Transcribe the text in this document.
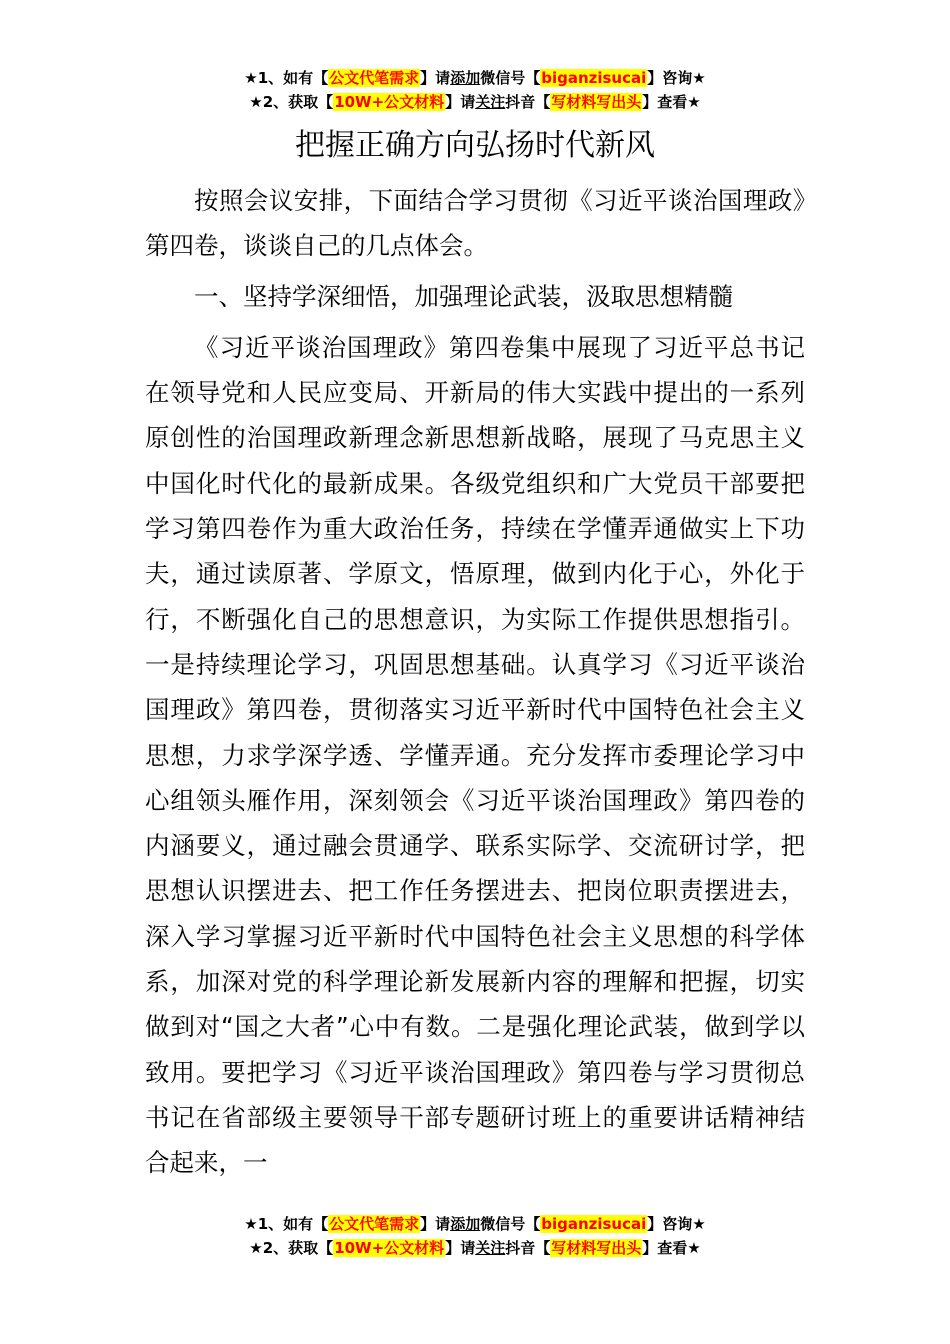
★1、如有【公文代笔需求】请添加微信号【biganzisucai】咨询★
★2、获取【10W+公文材料】请关注抖音【写材料写出头】查看★
把握正确方向弘扬时代新风

按照会议安排，下面结合学习贯彻《习近平谈治国理政》第四卷，谈谈自己的几点体会。

一、坚持学深细悟，加强理论武装，汲取思想精髓

《习近平谈治国理政》第四卷集中展现了习近平总书记在领导党和人民应变局、开新局的伟大实践中提出的一系列原创性的治国理政新理念新思想新战略，展现了马克思主义中国化时代化的最新成果。各级党组织和广大党员干部要把学习第四卷作为重大政治任务，持续在学懂弄通做实上下功夫，通过读原著、学原文，悟原理，做到内化于心，外化于行，不断强化自己的思想意识，为实际工作提供思想指引。一是持续理论学习，巩固思想基础。认真学习《习近平谈治国理政》第四卷，贯彻落实习近平新时代中国特色社会主义思想，力求学深学透、学懂弄通。充分发挥市委理论学习中心组领头雁作用，深刻领会《习近平谈治国理政》第四卷的内涵要义，通过融会贯通学、联系实际学、交流研讨学，把思想认识摆进去、把工作任务摆进去、把岗位职责摆进去，深入学习掌握习近平新时代中国特色社会主义思想的科学体系，加深对党的科学理论新发展新内容的理解和把握，切实做到对“国之大者”心中有数。二是强化理论武装，做到学以致用。要把学习《习近平谈治国理政》第四卷与学习贯彻总书记在省部级主要领导干部专题研讨班上的重要讲话精神结合起来，一

★1、如有【公文代笔需求】请添加微信号【biganzisucai】咨询★
★2、获取【10W+公文材料】请关注抖音【写材料写出头】查看★
